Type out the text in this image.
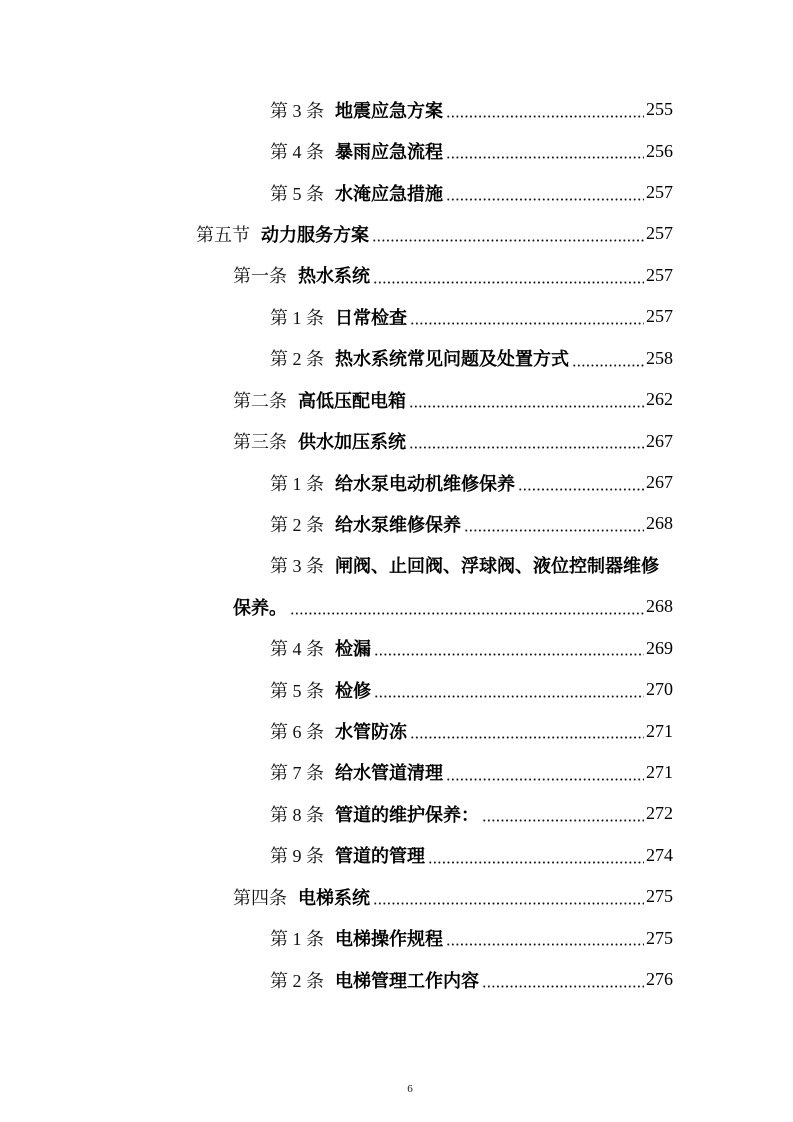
第 3 条 地震应急方案	255
第 4 条 暴雨应急流程	256
第 5 条 水淹应急措施	257
第五节 动力服务方案	257
第一条 热水系统	257
第 1 条 日常检查	257
第 2 条 热水系统常见问题及处置方式	258
第二条 高低压配电箱	262
第三条 供水加压系统	267
第 1 条 给水泵电动机维修保养	267
第 2 条 给水泵维修保养	268
第 3 条 闸阀、止回阀、浮球阀、液位控制器维修
保养。	268
第 4 条 检漏	269
第 5 条 检修	270
第 6 条 水管防冻	271
第 7 条 给水管道清理	271
第 8 条 管道的维护保养：	272
第 9 条 管道的管理	274
第四条 电梯系统	275
第 1 条 电梯操作规程	275
第 2 条 电梯管理工作内容	276
6
